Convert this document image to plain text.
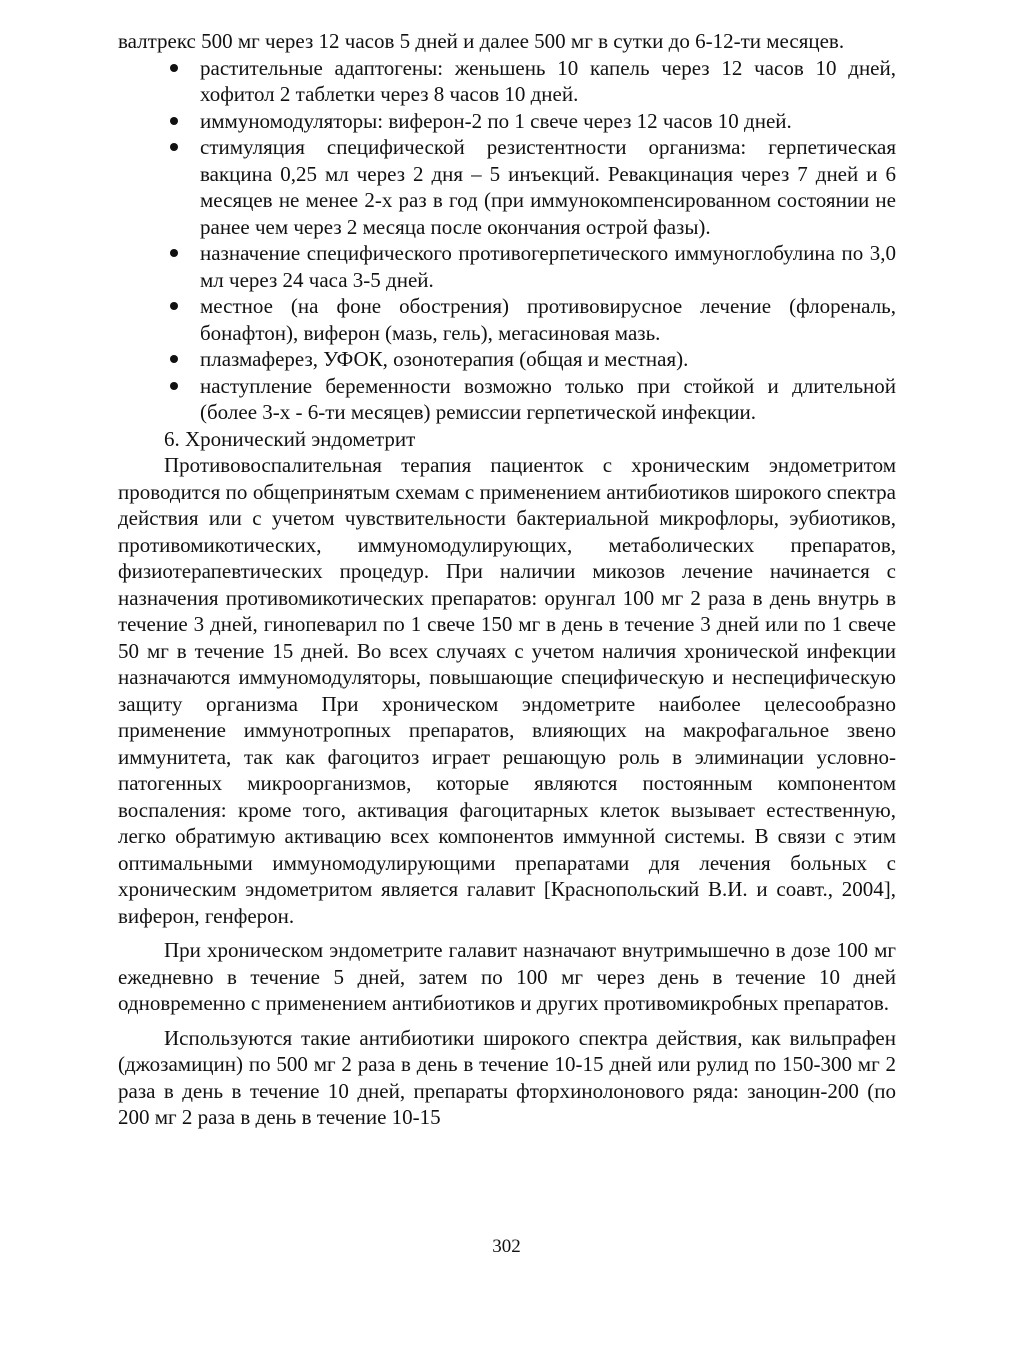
валтрекс 500 мг через 12 часов 5 дней и далее 500 мг в сутки до 6-12-ти месяцев.

растительные адаптогены: женьшень 10 капель через 12 часов 10 дней, хофитол 2 таблетки через 8 часов 10 дней.
иммуномодуляторы: виферон-2 по 1 свече через 12 часов 10 дней.
стимуляция специфической резистентности организма: герпетическая вакцина 0,25 мл через 2 дня – 5 инъекций. Ревакцинация через 7 дней и 6 месяцев не менее 2-х раз в год (при иммунокомпенсированном состоянии не ранее чем через 2 месяца после окончания острой фазы).
назначение специфического противогерпетического иммуноглобулина по 3,0 мл через 24 часа 3-5 дней.
местное (на фоне обострения) противовирусное лечение (флореналь, бонафтон), виферон (мазь, гель), мегасиновая мазь.
плазмаферез, УФОК, озонотерапия (общая и местная).
наступление беременности возможно только при стойкой и длительной (более 3-х - 6-ти месяцев) ремиссии герпетической инфекции.

6. Хронический эндометрит

Противовоспалительная терапия пациенток с хроническим эндометритом проводится по общепринятым схемам с применением антибиотиков широкого спектра действия или с учетом чувствительности бактериальной микрофлоры, эубиотиков, противомикотических, иммуномодулирующих, метаболических препаратов, физиотерапевтических процедур. При наличии микозов лечение начинается с назначения противомикотических препаратов: орунгал 100 мг 2 раза в день внутрь в течение 3 дней, гинопеварил по 1 свече 150 мг в день в течение 3 дней или по 1 свече 50 мг в течение 15 дней. Во всех случаях с учетом наличия хронической инфекции назначаются иммуномодуляторы, повышающие специфическую и неспецифическую защиту организма При хроническом эндометрите наиболее целесообразно применение иммунотропных препаратов, влияющих на макрофагальное звено иммунитета, так как фагоцитоз играет решающую роль в элиминации условно-патогенных микроорганизмов, которые являются постоянным компонентом воспаления: кроме того, активация фагоцитарных клеток вызывает естественную, легко обратимую активацию всех компонентов иммунной системы. В связи с этим оптимальными иммуномодулирующими препаратами для лечения больных с хроническим эндометритом является галавит [Краснопольский В.И. и соавт., 2004], виферон, генферон.

При хроническом эндометрите галавит назначают внутримышечно в дозе 100 мг ежедневно в течение 5 дней, затем по 100 мг через день в течение 10 дней одновременно с применением антибиотиков и других противомикробных препаратов.

Используются такие антибиотики широкого спектра действия, как вильпрафен (джозамицин) по 500 мг 2 раза в день в течение 10-15 дней или рулид по 150-300 мг 2 раза в день в течение 10 дней, препараты фторхинолонового ряда: заноцин-200 (по 200 мг 2 раза в день в течение 10-15

302
